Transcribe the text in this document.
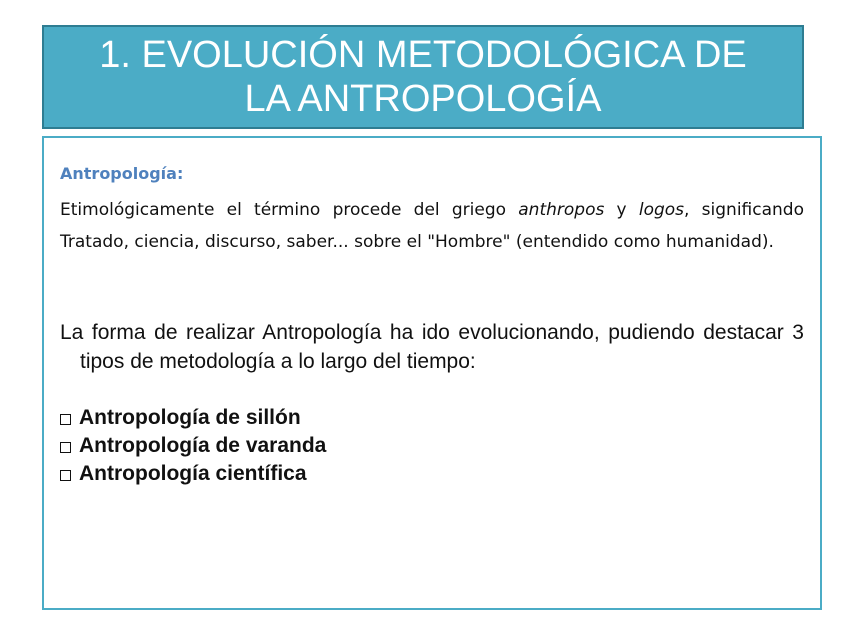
1. EVOLUCIÓN METODOLÓGICA DE
LA ANTROPOLOGÍA
Antropología:
Etimológicamente el término procede del griego anthropos y logos, significando Tratado, ciencia, discurso, saber... sobre el "Hombre" (entendido como humanidad).
La forma de realizar Antropología ha ido evolucionando, pudiendo destacar 3 tipos de metodología a lo largo del tiempo:
Antropología de sillón
Antropología de varanda
Antropología científica
